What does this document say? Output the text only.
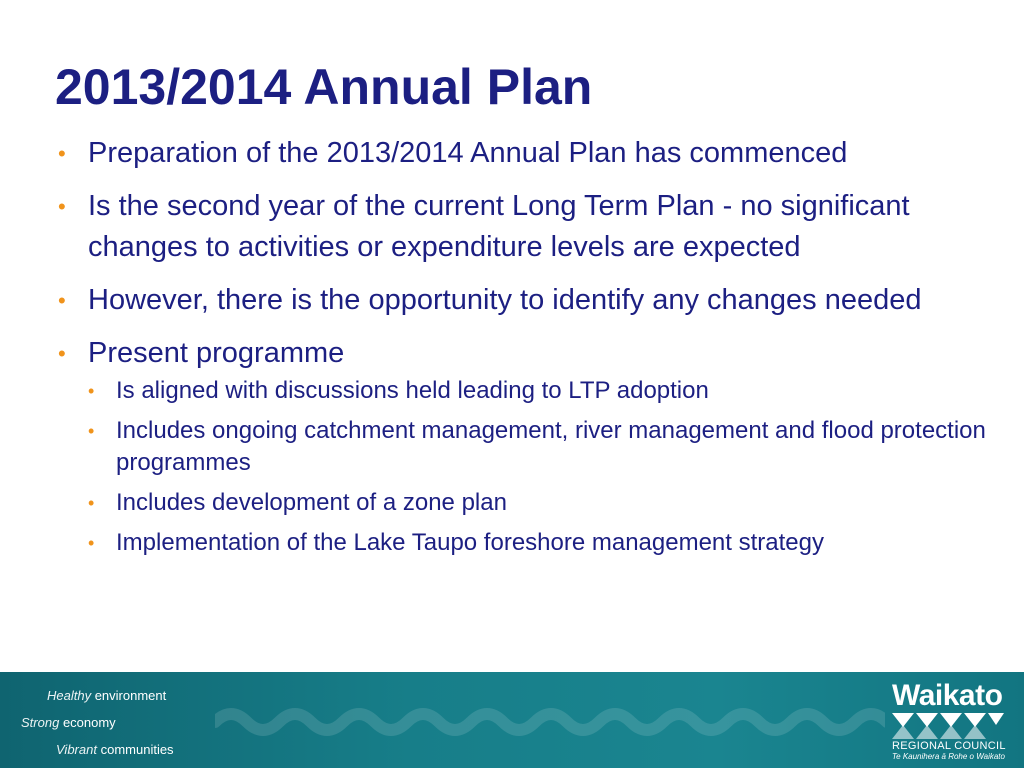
2013/2014 Annual Plan
• Preparation of the 2013/2014 Annual Plan has commenced
• Is the second year of the current Long Term Plan - no significant changes to activities or expenditure levels are expected
• However, there is the opportunity to identify any changes needed
• Present programme
• Is aligned with discussions held leading to LTP adoption
• Includes ongoing catchment management, river management and flood protection programmes
• Includes development of a zone plan
• Implementation of the Lake Taupo foreshore management strategy
Healthy environment
Strong economy
Vibrant communities
Waikato
REGIONAL COUNCIL
Te Kaunihera ā Rohe o Waikato
